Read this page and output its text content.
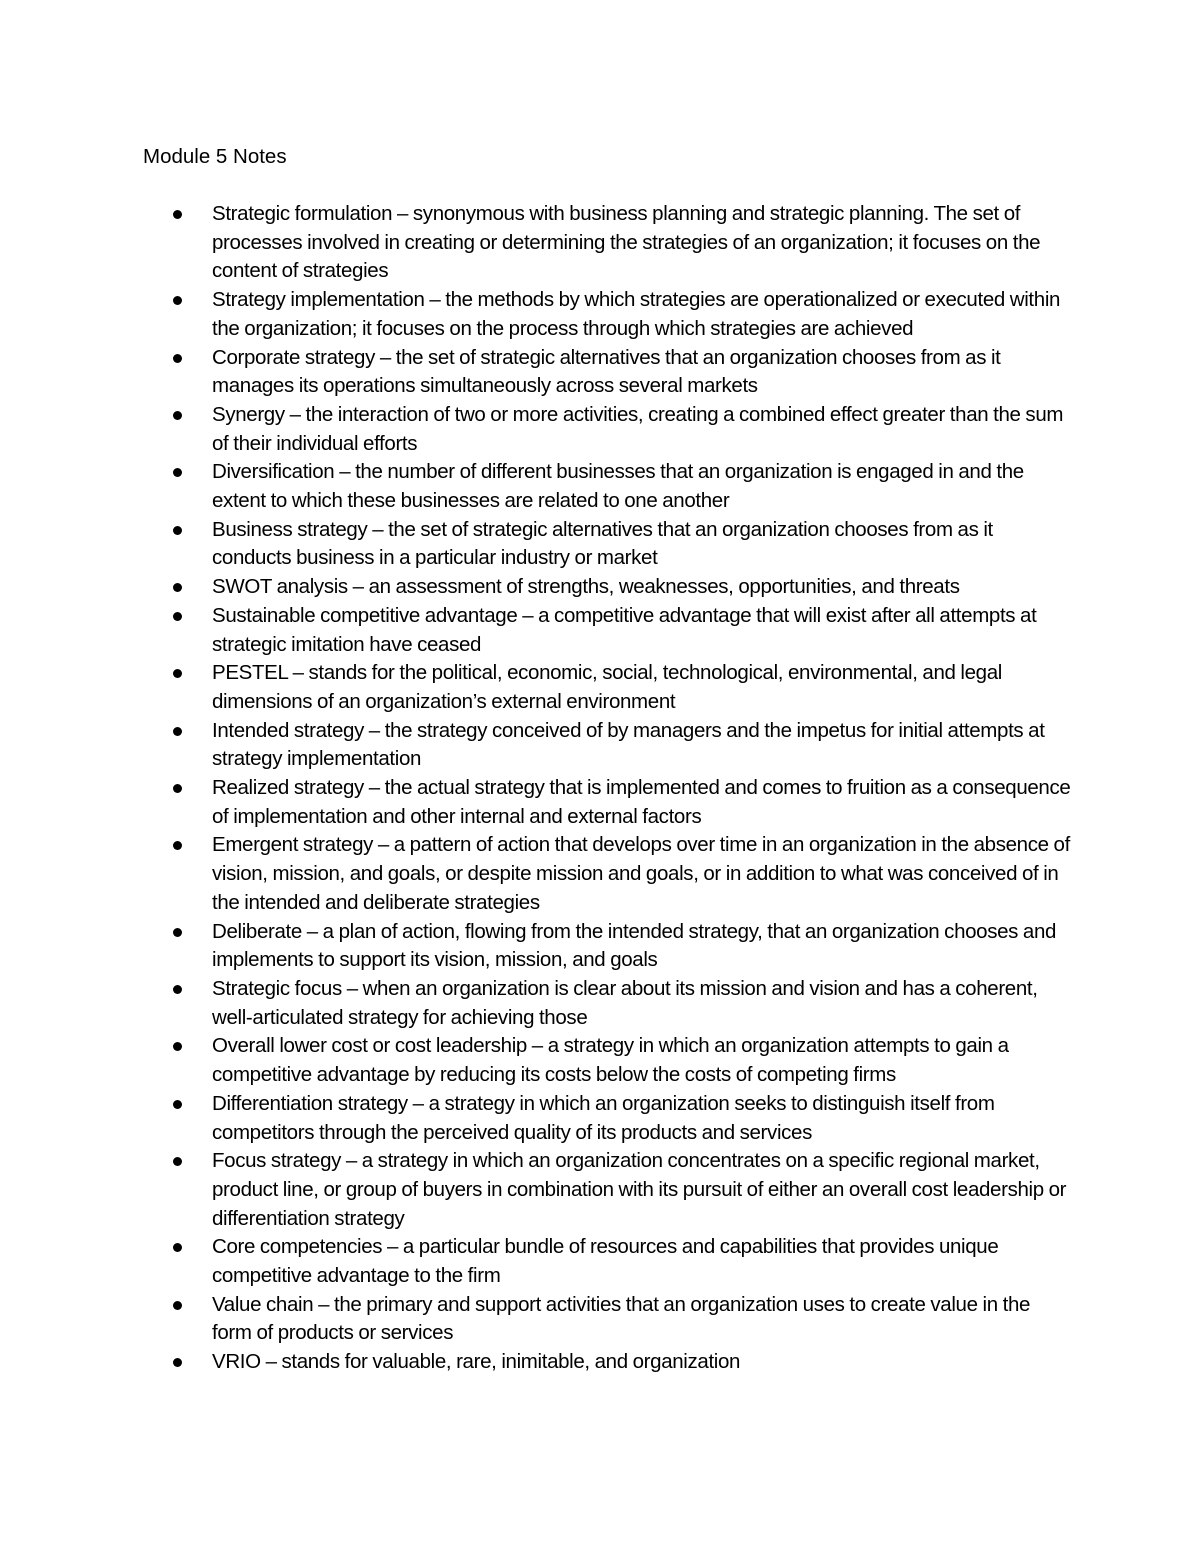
Module 5 Notes
Strategic formulation – synonymous with business planning and strategic planning. The set of processes involved in creating or determining the strategies of an organization; it focuses on the content of strategies
Strategy implementation – the methods by which strategies are operationalized or executed within the organization; it focuses on the process through which strategies are achieved
Corporate strategy – the set of strategic alternatives that an organization chooses from as it manages its operations simultaneously across several markets
Synergy – the interaction of two or more activities, creating a combined effect greater than the sum of their individual efforts
Diversification – the number of different businesses that an organization is engaged in and the extent to which these businesses are related to one another
Business strategy – the set of strategic alternatives that an organization chooses from as it conducts business in a particular industry or market
SWOT analysis – an assessment of strengths, weaknesses, opportunities, and threats
Sustainable competitive advantage – a competitive advantage that will exist after all attempts at strategic imitation have ceased
PESTEL – stands for the political, economic, social, technological, environmental, and legal dimensions of an organization’s external environment
Intended strategy – the strategy conceived of by managers and the impetus for initial attempts at strategy implementation
Realized strategy – the actual strategy that is implemented and comes to fruition as a consequence of implementation and other internal and external factors
Emergent strategy – a pattern of action that develops over time in an organization in the absence of vision, mission, and goals, or despite mission and goals, or in addition to what was conceived of in the intended and deliberate strategies
Deliberate – a plan of action, flowing from the intended strategy, that an organization chooses and implements to support its vision, mission, and goals
Strategic focus – when an organization is clear about its mission and vision and has a coherent, well-articulated strategy for achieving those
Overall lower cost or cost leadership – a strategy in which an organization attempts to gain a competitive advantage by reducing its costs below the costs of competing firms
Differentiation strategy – a strategy in which an organization seeks to distinguish itself from competitors through the perceived quality of its products and services
Focus strategy – a strategy in which an organization concentrates on a specific regional market, product line, or group of buyers in combination with its pursuit of either an overall cost leadership or differentiation strategy
Core competencies – a particular bundle of resources and capabilities that provides unique competitive advantage to the firm
Value chain – the primary and support activities that an organization uses to create value in the form of products or services
VRIO – stands for valuable, rare, inimitable, and organization
